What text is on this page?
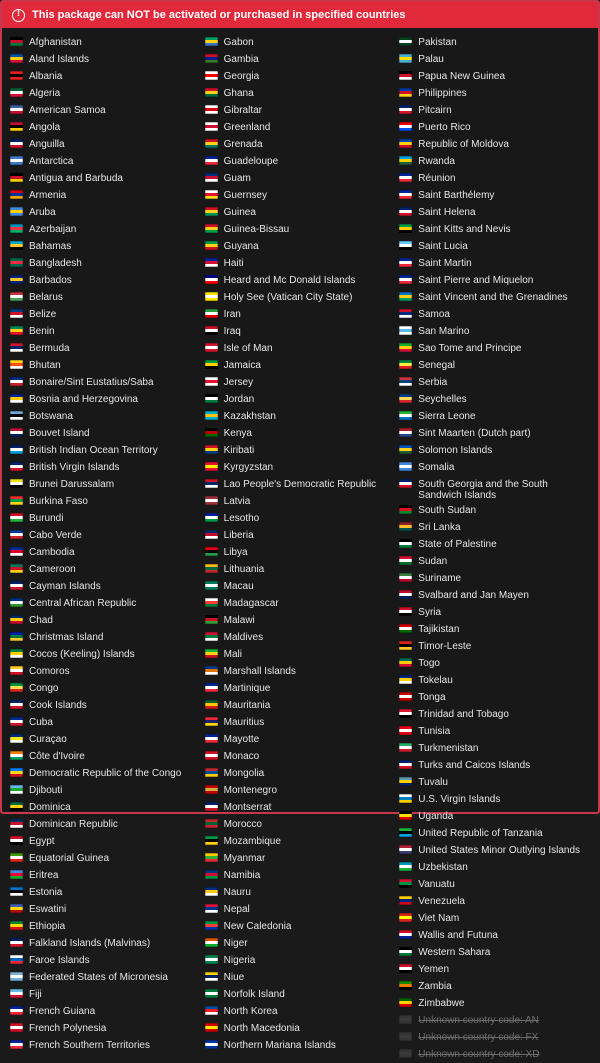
!
This package can NOT be activated or purchased in specified countries
Afghanistan
Aland Islands
Albania
Algeria
American Samoa
Angola
Anguilla
Antarctica
Antigua and Barbuda
Armenia
Aruba
Azerbaijan
Bahamas
Bangladesh
Barbados
Belarus
Belize
Benin
Bermuda
Bhutan
Bonaire/Sint Eustatius/Saba
Bosnia and Herzegovina
Botswana
Bouvet Island
British Indian Ocean Territory
British Virgin Islands
Brunei Darussalam
Burkina Faso
Burundi
Cabo Verde
Cambodia
Cameroon
Cayman Islands
Central African Republic
Chad
Christmas Island
Cocos (Keeling) Islands
Comoros
Congo
Cook Islands
Cuba
Curaçao
Côte d'Ivoire
Democratic Republic of the Congo
Djibouti
Dominica
Dominican Republic
Egypt
Equatorial Guinea
Eritrea
Estonia
Eswatini
Ethiopia
Falkland Islands (Malvinas)
Faroe Islands
Federated States of Micronesia
Fiji
French Guiana
French Polynesia
French Southern Territories
Gabon
Gambia
Georgia
Ghana
Gibraltar
Greenland
Grenada
Guadeloupe
Guam
Guernsey
Guinea
Guinea-Bissau
Guyana
Haiti
Heard and Mc Donald Islands
Holy See (Vatican City State)
Iran
Iraq
Isle of Man
Jamaica
Jersey
Jordan
Kazakhstan
Kenya
Kiribati
Kyrgyzstan
Lao People's Democratic Republic
Latvia
Lesotho
Liberia
Libya
Lithuania
Macau
Madagascar
Malawi
Maldives
Mali
Marshall Islands
Martinique
Mauritania
Mauritius
Mayotte
Monaco
Mongolia
Montenegro
Montserrat
Morocco
Mozambique
Myanmar
Namibia
Nauru
Nepal
New Caledonia
Niger
Nigeria
Niue
Norfolk Island
North Korea
North Macedonia
Northern Mariana Islands
Pakistan
Palau
Papua New Guinea
Philippines
Pitcairn
Puerto Rico
Republic of Moldova
Rwanda
Réunion
Saint Barthélemy
Saint Helena
Saint Kitts and Nevis
Saint Lucia
Saint Martin
Saint Pierre and Miquelon
Saint Vincent and the Grenadines
Samoa
San Marino
Sao Tome and Principe
Senegal
Serbia
Seychelles
Sierra Leone
Sint Maarten (Dutch part)
Solomon Islands
Somalia
South Georgia and the South Sandwich Islands
South Sudan
Sri Lanka
State of Palestine
Sudan
Suriname
Svalbard and Jan Mayen
Syria
Tajikistan
Timor-Leste
Togo
Tokelau
Tonga
Trinidad and Tobago
Tunisia
Turkmenistan
Turks and Caicos Islands
Tuvalu
U.S. Virgin Islands
Uganda
United Republic of Tanzania
United States Minor Outlying Islands
Uzbekistan
Vanuatu
Venezuela
Viet Nam
Wallis and Futuna
Western Sahara
Yemen
Zambia
Zimbabwe
Unknown country code: AN
Unknown country code: FX
Unknown country code: XD
